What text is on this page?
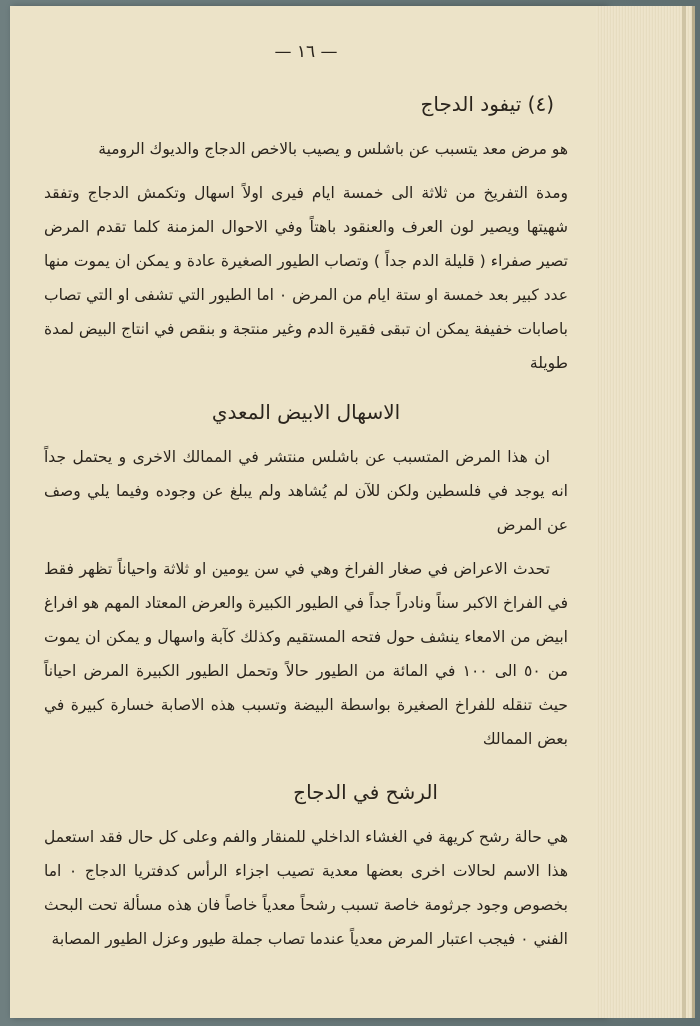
— ١٦ —
(٤) تيفود الدجاج

هو مرض معد يتسبب عن باشلس و يصيب بالاخص الدجاج والديوك الرومية

ومدة التفريخ من ثلاثة الى خمسة ايام فيرى اولاً اسهال وتكمش الدجاج وتفقد شهيتها ويصير لون العرف والعنقود باهتاً وفي الاحوال المزمنة كلما تقدم المرض تصير صفراء ( قليلة الدم جداً ) وتصاب الطيور الصغيرة عادة و يمكن ان يموت منها عدد كبير بعد خمسة او ستة ايام من المرض ٠ اما الطيور التي تشفى او التي تصاب باصابات خفيفة يمكن ان تبقى فقيرة الدم وغير منتجة و بنقص في انتاج البيض لمدة طويلة

الاسهال الابيض المعدي

ان هذا المرض المتسبب عن باشلس منتشر في الممالك الاخرى و يحتمل جداً انه يوجد في فلسطين ولكن للآن لم يُشاهد ولم يبلغ عن وجوده وفيما يلي وصف عن المرض

تحدث الاعراض في صغار الفراخ وهي في سن يومين او ثلاثة واحياناً تظهر فقط في الفراخ الاكبر سناً ونادراً جداً في الطيور الكبيرة والعرض المعتاد المهم هو افراغ ابيض من الامعاء ينشف حول فتحه المستقيم وكذلك كآبة واسهال و يمكن ان يموت من ٥٠ الى ١٠٠ في المائة من الطيور حالاً وتحمل الطيور الكبيرة المرض احياناً حيث تنقله للفراخ الصغيرة بواسطة البيضة وتسبب هذه الاصابة خسارة كبيرة في بعض الممالك

الرشح في الدجاج

هي حالة رشح كريهة في الغشاء الداخلي للمنقار والفم وعلى كل حال فقد استعمل هذا الاسم لحالات اخرى بعضها معدية تصيب اجزاء الرأس كدفتريا الدجاج ٠ اما بخصوص وجود جرثومة خاصة تسبب رشحاً معدياً خاصاً فان هذه مسألة تحت البحث الفني ٠ فيجب اعتبار المرض معدياً عندما تصاب جملة طيور وعزل الطيور المصابة
